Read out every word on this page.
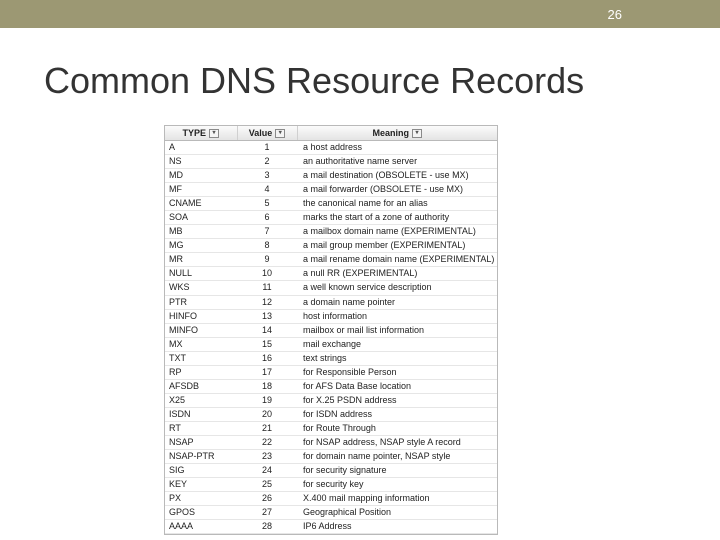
26
Common DNS Resource Records
TYPE ▾	Value ▾	Meaning ▾
A	1	a host address
NS	2	an authoritative name server
MD	3	a mail destination (OBSOLETE - use MX)
MF	4	a mail forwarder (OBSOLETE - use MX)
CNAME	5	the canonical name for an alias
SOA	6	marks the start of a zone of authority
MB	7	a mailbox domain name (EXPERIMENTAL)
MG	8	a mail group member (EXPERIMENTAL)
MR	9	a mail rename domain name (EXPERIMENTAL)
NULL	10	a null RR (EXPERIMENTAL)
WKS	11	a well known service description
PTR	12	a domain name pointer
HINFO	13	host information
MINFO	14	mailbox or mail list information
MX	15	mail exchange
TXT	16	text strings
RP	17	for Responsible Person
AFSDB	18	for AFS Data Base location
X25	19	for X.25 PSDN address
ISDN	20	for ISDN address
RT	21	for Route Through
NSAP	22	for NSAP address, NSAP style A record
NSAP-PTR	23	for domain name pointer, NSAP style
SIG	24	for security signature
KEY	25	for security key
PX	26	X.400 mail mapping information
GPOS	27	Geographical Position
AAAA	28	IP6 Address
